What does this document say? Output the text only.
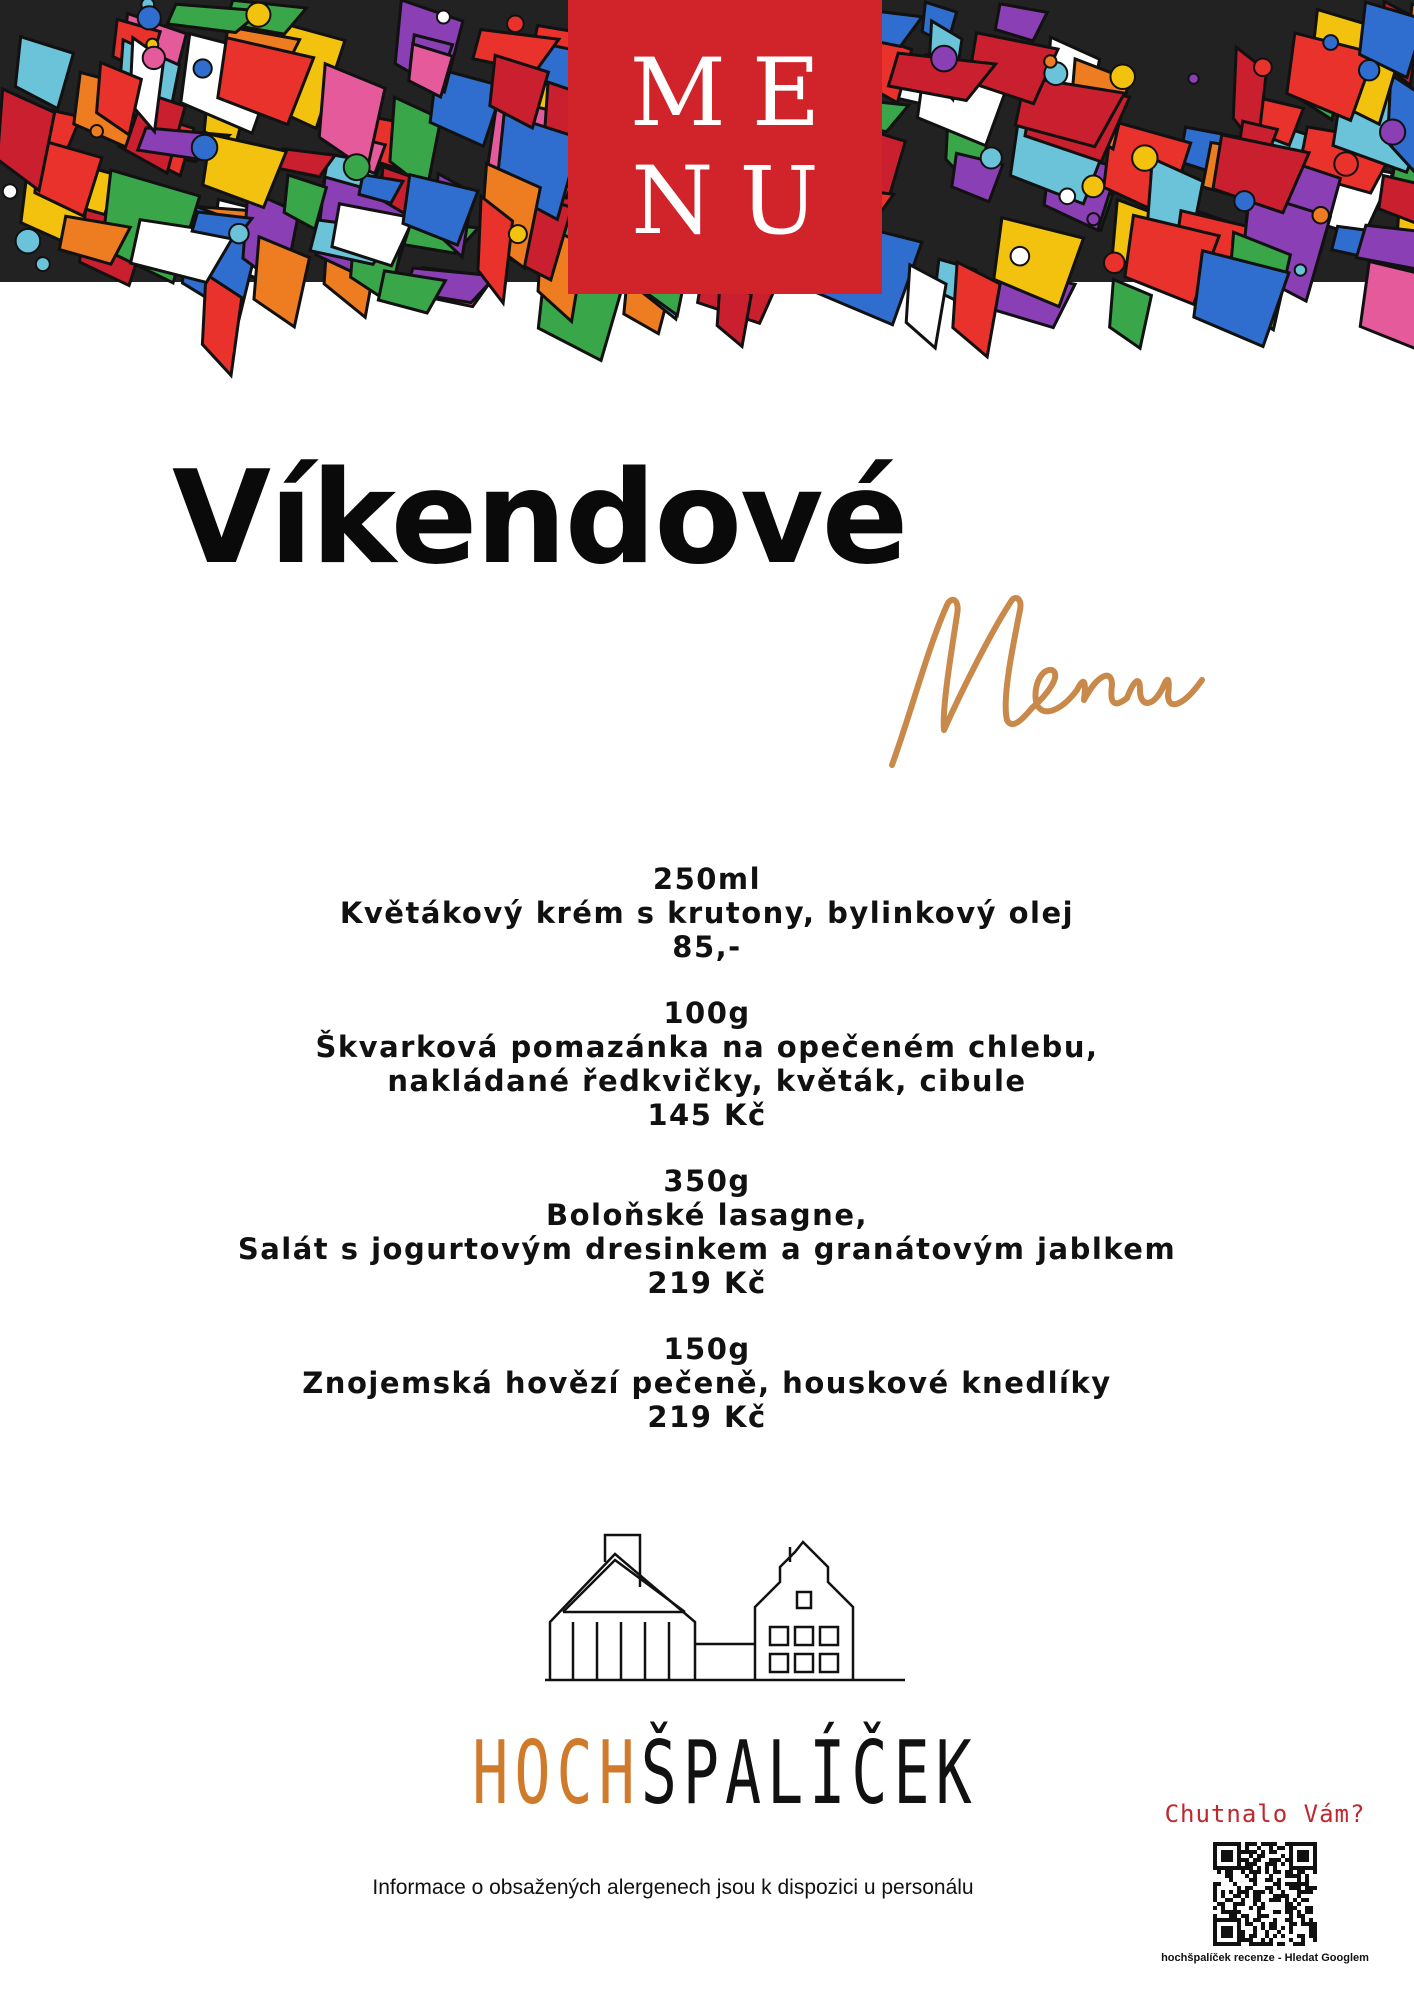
ME
NU
Víkendové
250ml
Květákový krém s krutony, bylinkový olej
85,-
100g
Škvarková pomazánka na opečeném chlebu,
nakládané ředkvičky, květák, cibule
145 Kč
350g
Boloňské lasagne,
Salát s jogurtovým dresinkem a granátovým jablkem
219 Kč
150g
Znojemská hovězí pečeně, houskové knedlíky
219 Kč
HOCHŠPALÍČEK
Informace o obsažených alergenech jsou k dispozici u personálu
Chutnalo Vám?
hochšpalíček recenze - Hledat Googlem
